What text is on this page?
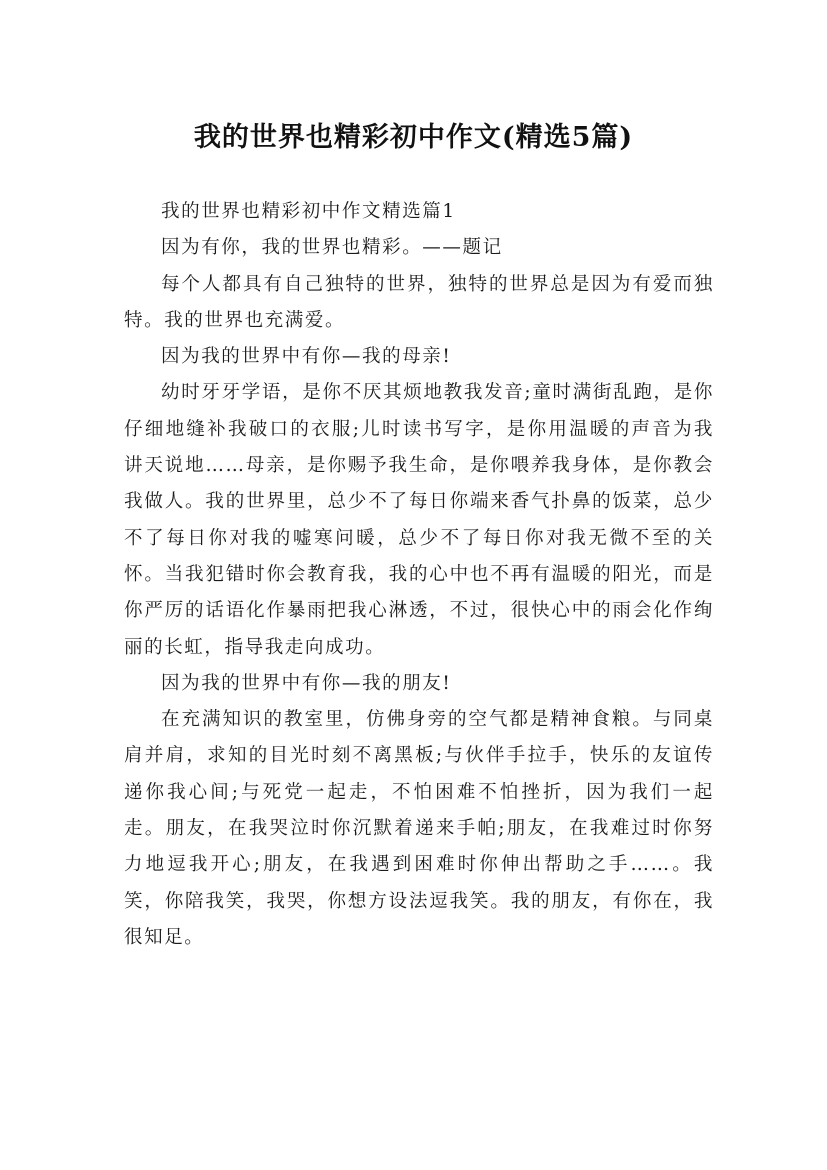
我的世界也精彩初中作文(精选5篇)

我的世界也精彩初中作文精选篇1

因为有你，我的世界也精彩。——题记

每个人都具有自己独特的世界，独特的世界总是因为有爱而独特。我的世界也充满爱。

因为我的世界中有你—我的母亲!

幼时牙牙学语，是你不厌其烦地教我发音;童时满街乱跑，是你仔细地缝补我破口的衣服;儿时读书写字，是你用温暖的声音为我讲天说地……母亲，是你赐予我生命，是你喂养我身体，是你教会我做人。我的世界里，总少不了每日你端来香气扑鼻的饭菜，总少不了每日你对我的嘘寒问暖，总少不了每日你对我无微不至的关怀。当我犯错时你会教育我，我的心中也不再有温暖的阳光，而是你严厉的话语化作暴雨把我心淋透，不过，很快心中的雨会化作绚丽的长虹，指导我走向成功。

因为我的世界中有你—我的朋友!

在充满知识的教室里，仿佛身旁的空气都是精神食粮。与同桌肩并肩，求知的目光时刻不离黑板;与伙伴手拉手，快乐的友谊传递你我心间;与死党一起走，不怕困难不怕挫折，因为我们一起走。朋友，在我哭泣时你沉默着递来手帕;朋友，在我难过时你努力地逗我开心;朋友，在我遇到困难时你伸出帮助之手……。我笑，你陪我笑，我哭，你想方设法逗我笑。我的朋友，有你在，我很知足。
